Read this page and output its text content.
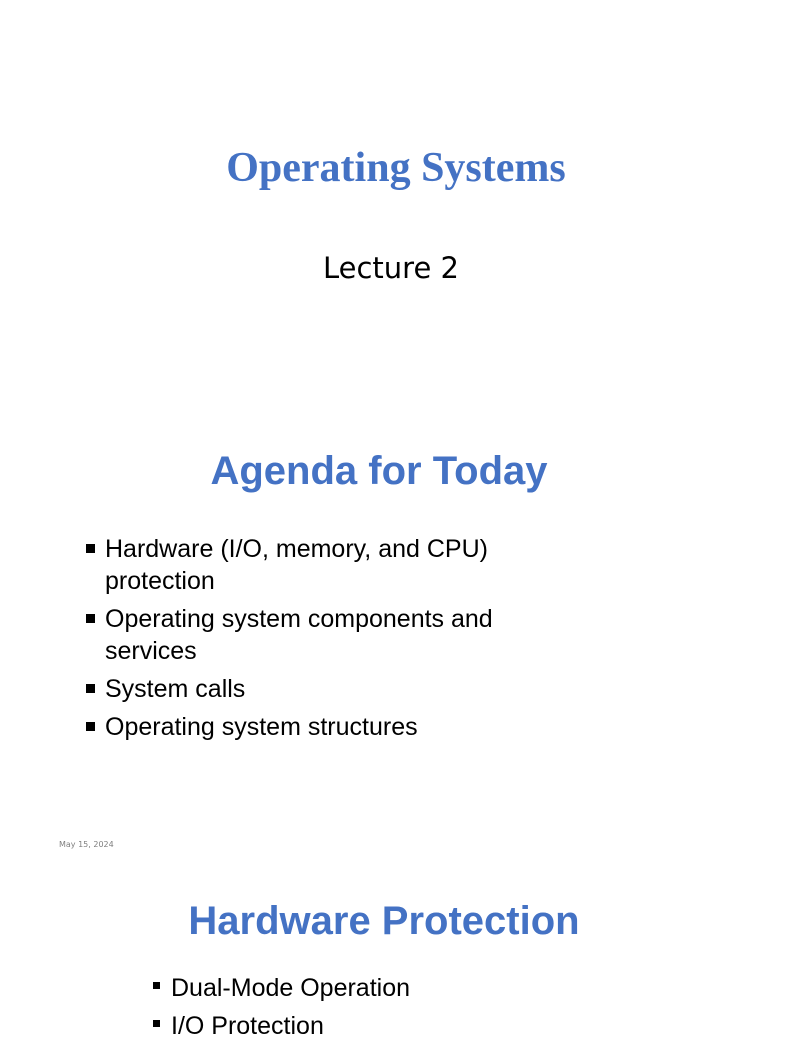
Operating Systems
Lecture 2
Agenda for Today
Hardware (I/O, memory, and CPU) protection
Operating system components and services
System calls
Operating system structures
May 15, 2024
Hardware Protection
Dual-Mode Operation
I/O Protection
